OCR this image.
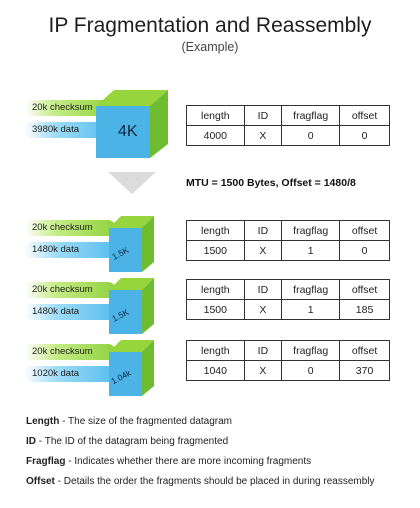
IP Fragmentation and Reassembly
(Example)
20k checksum
3980k data	4K
length	ID	fragflag	offset
4000	X	0	0
MTU = 1500 Bytes, Offset = 1480/8
20k checksum
1480k data	1.5K
length	ID	fragflag	offset
1500	X	1	0
20k checksum
1480k data	1.5K
length	ID	fragflag	offset
1500	X	1	185
20k checksum
1020k data	1.04k
length	ID	fragflag	offset
1040	X	0	370
Length - The size of the fragmented datagram
ID - The ID of the datagram being fragmented
Fragflag - Indicates whether there are more incoming fragments
Offset - Details the order the fragments should be placed in during reassembly
